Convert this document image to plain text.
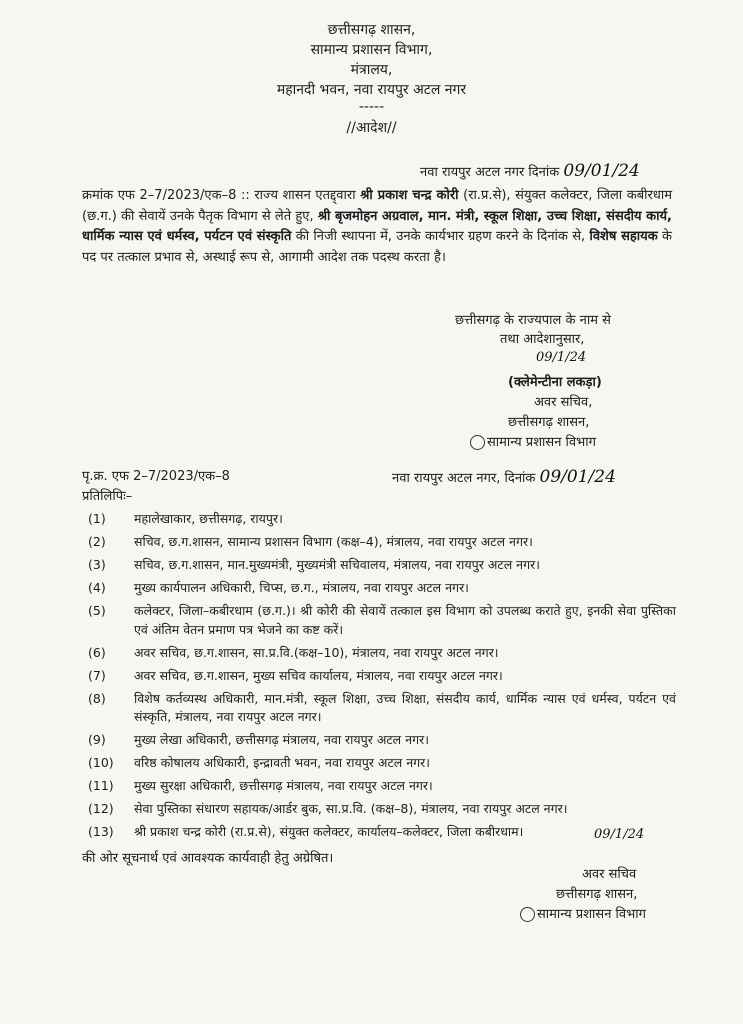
छत्तीसगढ़ शासन,
सामान्य प्रशासन विभाग,
मंत्रालय,
महानदी भवन, नवा रायपुर अटल नगर
-----
//आदेश//
नवा रायपुर अटल नगर दिनांक 09/01/24
क्रमांक एफ 2–7/2023/एक–8 :: राज्य शासन एतद्द्वारा श्री प्रकाश चन्द्र कोरी (रा.प्र.से), संयुक्त कलेक्टर, जिला कबीरधाम (छ.ग.) की सेवायें उनके पैतृक विभाग से लेते हुए, श्री बृजमोहन अग्रवाल, मान. मंत्री, स्कूल शिक्षा, उच्च शिक्षा, संसदीय कार्य, धार्मिक न्यास एवं धर्मस्व, पर्यटन एवं संस्कृति की निजी स्थापना में, उनके कार्यभार ग्रहण करने के दिनांक से, विशेष सहायक के पद पर तत्काल प्रभाव से, अस्थाई रूप से, आगामी आदेश तक पदस्थ करता है।
छत्तीसगढ़ के राज्यपाल के नाम से
तथा आदेशानुसार,
09/1/24
(क्लेमेन्टीना लकड़ा)
अवर सचिव,
छत्तीसगढ़ शासन,
सामान्य प्रशासन विभाग
पृ.क्र. एफ 2–7/2023/एक–8	नवा रायपुर अटल नगर, दिनांक 09/01/24
प्रतिलिपिः–
(1) महालेखाकार, छत्तीसगढ़, रायपुर।
(2) सचिव, छ.ग.शासन, सामान्य प्रशासन विभाग (कक्ष–4), मंत्रालय, नवा रायपुर अटल नगर।
(3) सचिव, छ.ग.शासन, मान.मुख्यमंत्री, मुख्यमंत्री सचिवालय, मंत्रालय, नवा रायपुर अटल नगर।
(4) मुख्य कार्यपालन अधिकारी, चिप्स, छ.ग., मंत्रालय, नवा रायपुर अटल नगर।
(5) कलेक्टर, जिला–कबीरधाम (छ.ग.)। श्री कोरी की सेवायें तत्काल इस विभाग को उपलब्ध कराते हुए, इनकी सेवा पुस्तिका एवं अंतिम वेतन प्रमाण पत्र भेजने का कष्ट करें।
(6) अवर सचिव, छ.ग.शासन, सा.प्र.वि.(कक्ष–10), मंत्रालय, नवा रायपुर अटल नगर।
(7) अवर सचिव, छ.ग.शासन, मुख्य सचिव कार्यालय, मंत्रालय, नवा रायपुर अटल नगर।
(8) विशेष कर्तव्यस्थ अधिकारी, मान.मंत्री, स्कूल शिक्षा, उच्च शिक्षा, संसदीय कार्य, धार्मिक न्यास एवं धर्मस्व, पर्यटन एवं संस्कृति, मंत्रालय, नवा रायपुर अटल नगर।
(9) मुख्य लेखा अधिकारी, छत्तीसगढ़ मंत्रालय, नवा रायपुर अटल नगर।
(10) वरिष्ठ कोषालय अधिकारी, इन्द्रावती भवन, नवा रायपुर अटल नगर।
(11) मुख्य सुरक्षा अधिकारी, छत्तीसगढ़ मंत्रालय, नवा रायपुर अटल नगर।
(12) सेवा पुस्तिका संधारण सहायक/आर्डर बुक, सा.प्र.वि. (कक्ष–8), मंत्रालय, नवा रायपुर अटल नगर।
(13) श्री प्रकाश चन्द्र कोरी (रा.प्र.से), संयुक्त कलेक्टर, कार्यालय–कलेक्टर, जिला कबीरधाम।
की ओर सूचनार्थ एवं आवश्यक कार्यवाही हेतु अग्रेषित।
09/1/24
अवर सचिव
छत्तीसगढ़ शासन,
सामान्य प्रशासन विभाग
